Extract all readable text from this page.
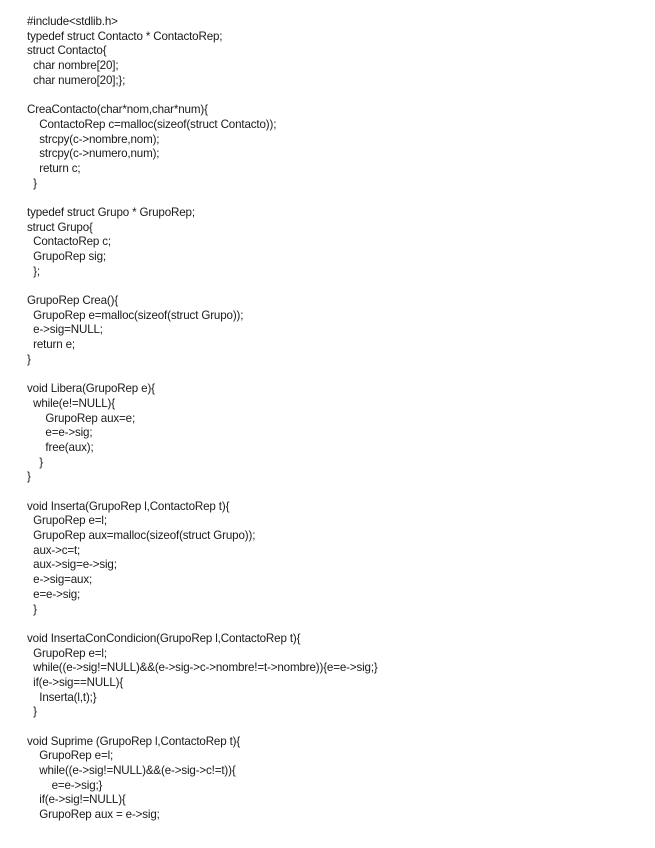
#include<stdlib.h>
typedef struct Contacto * ContactoRep;
struct Contacto{
char nombre[20];
char numero[20];};
CreaContacto(char*nom,char*num){
ContactoRep c=malloc(sizeof(struct Contacto));
strcpy(c->nombre,nom);
strcpy(c->numero,num);
return c;
}
typedef struct Grupo * GrupoRep;
struct Grupo{
ContactoRep c;
GrupoRep sig;
};
GrupoRep Crea(){
GrupoRep e=malloc(sizeof(struct Grupo));
e->sig=NULL;
return e;
}
void Libera(GrupoRep e){
while(e!=NULL){
GrupoRep aux=e;
e=e->sig;
free(aux);
}
}
void Inserta(GrupoRep l,ContactoRep t){
GrupoRep e=l;
GrupoRep aux=malloc(sizeof(struct Grupo));
aux->c=t;
aux->sig=e->sig;
e->sig=aux;
e=e->sig;
}
void InsertaConCondicion(GrupoRep l,ContactoRep t){
GrupoRep e=l;
while((e->sig!=NULL)&&(e->sig->c->nombre!=t->nombre)){e=e->sig;}
if(e->sig==NULL){
Inserta(l,t);}
}
void Suprime (GrupoRep l,ContactoRep t){
GrupoRep e=l;
while((e->sig!=NULL)&&(e->sig->c!=t)){
e=e->sig;}
if(e->sig!=NULL){
GrupoRep aux = e->sig;
